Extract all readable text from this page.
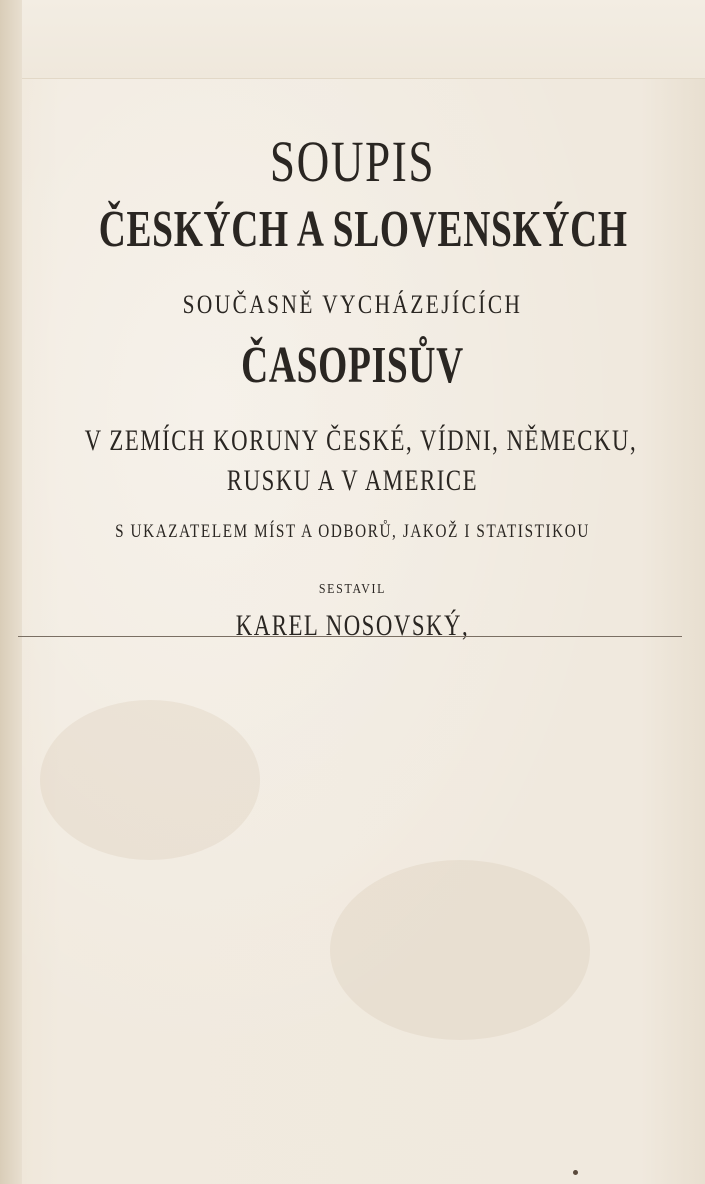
SOUPIS
ČESKÝCH A SLOVENSKÝCH
SOUČASNĚ VYCHÁZEJÍCÍCH
ČASOPISŮV
V ZEMÍCH KORUNY ČESKÉ, VÍDNI, NĚMECKU,
RUSKU A V AMERICE
S UKAZATELEM MÍST A ODBORŮ, JAKOŽ I STATISTIKOU
SESTAVIL
KAREL NOSOVSKÝ,
